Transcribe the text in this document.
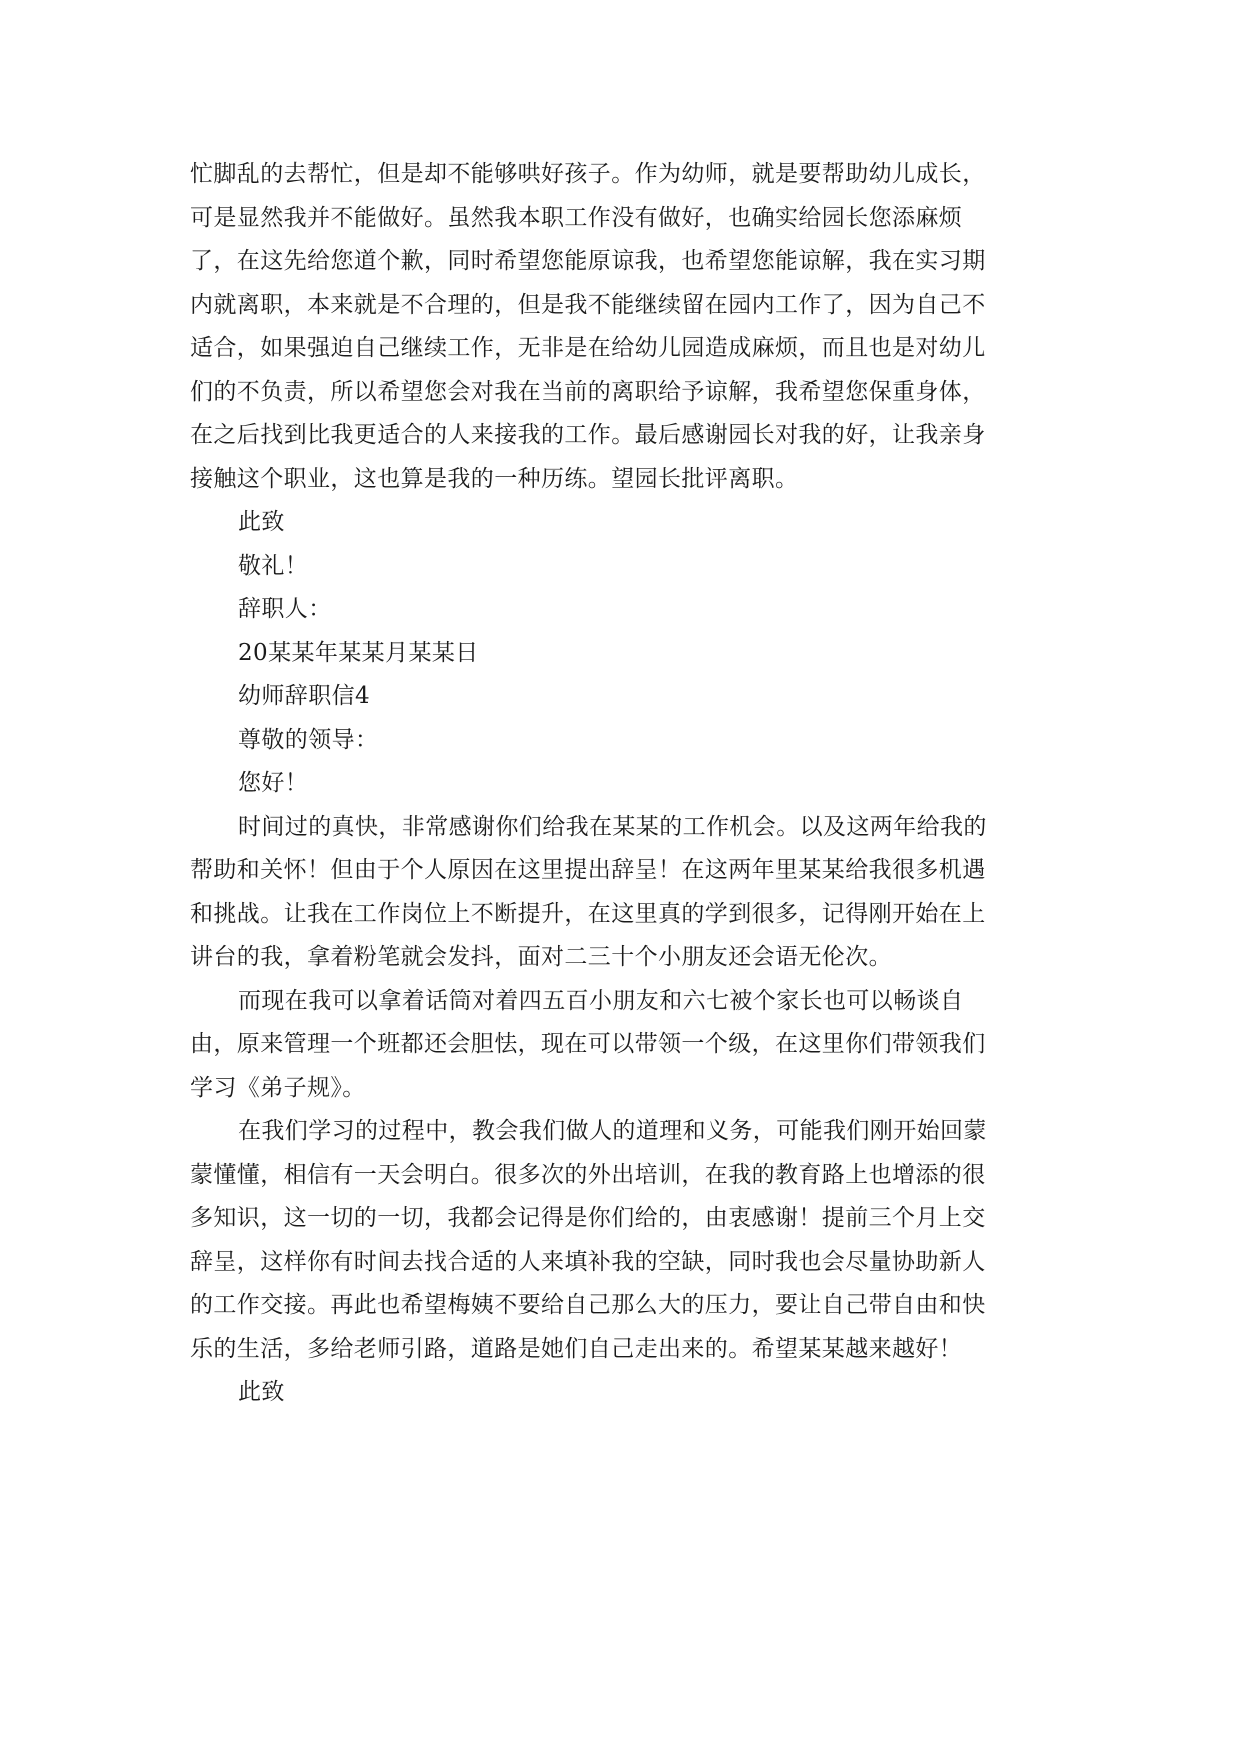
忙脚乱的去帮忙，但是却不能够哄好孩子。作为幼师，就是要帮助幼儿成长，
可是显然我并不能做好。虽然我本职工作没有做好，也确实给园长您添麻烦
了，在这先给您道个歉，同时希望您能原谅我，也希望您能谅解，我在实习期
内就离职，本来就是不合理的，但是我不能继续留在园内工作了，因为自己不
适合，如果强迫自己继续工作，无非是在给幼儿园造成麻烦，而且也是对幼儿
们的不负责，所以希望您会对我在当前的离职给予谅解，我希望您保重身体，
在之后找到比我更适合的人来接我的工作。最后感谢园长对我的好，让我亲身
接触这个职业，这也算是我的一种历练。望园长批评离职。
此致
敬礼！
辞职人：
20某某年某某月某某日
幼师辞职信4
尊敬的领导：
您好！
时间过的真快，非常感谢你们给我在某某的工作机会。以及这两年给我的
帮助和关怀！但由于个人原因在这里提出辞呈！在这两年里某某给我很多机遇
和挑战。让我在工作岗位上不断提升，在这里真的学到很多，记得刚开始在上
讲台的我，拿着粉笔就会发抖，面对二三十个小朋友还会语无伦次。
而现在我可以拿着话筒对着四五百小朋友和六七被个家长也可以畅谈自
由，原来管理一个班都还会胆怯，现在可以带领一个级，在这里你们带领我们
学习《弟子规》。
在我们学习的过程中，教会我们做人的道理和义务，可能我们刚开始回蒙
蒙懂懂，相信有一天会明白。很多次的外出培训，在我的教育路上也增添的很
多知识，这一切的一切，我都会记得是你们给的，由衷感谢！提前三个月上交
辞呈，这样你有时间去找合适的人来填补我的空缺，同时我也会尽量协助新人
的工作交接。再此也希望梅姨不要给自己那么大的压力，要让自己带自由和快
乐的生活，多给老师引路，道路是她们自己走出来的。希望某某越来越好！
此致
